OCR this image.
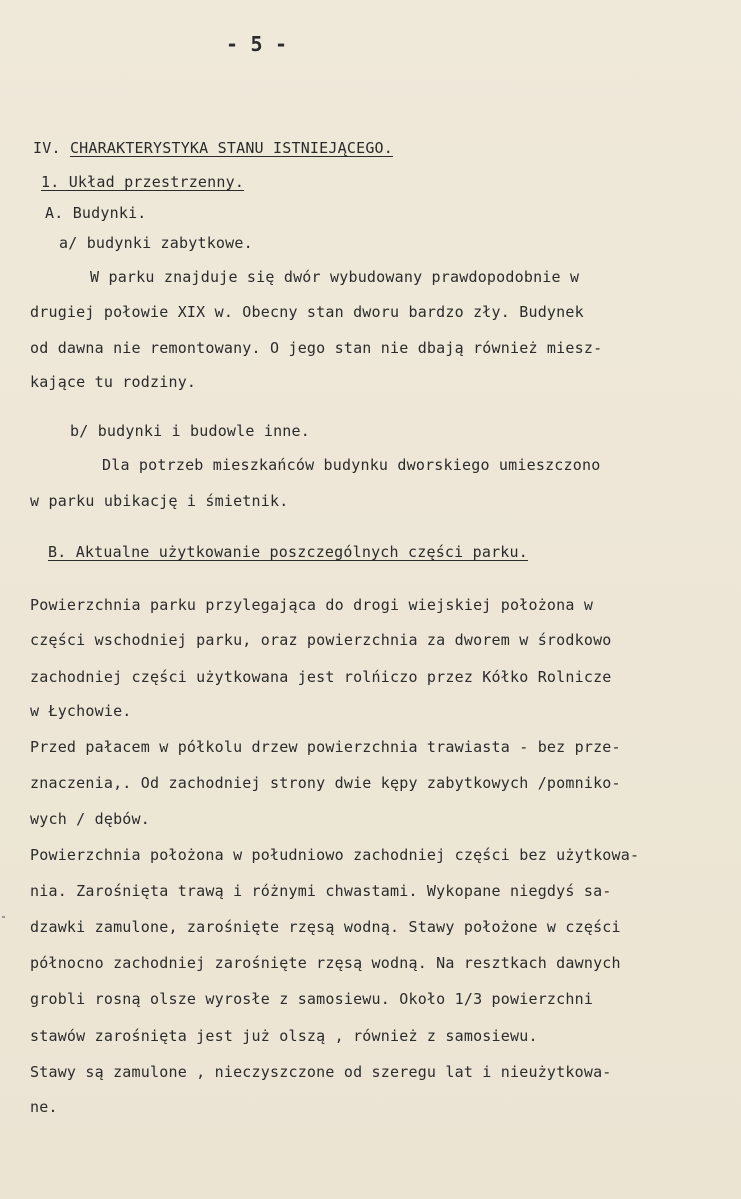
- 5 -
IV. CHARAKTERYSTYKA STANU ISTNIEJĄCEGO.
1. Układ przestrzenny.
A. Budynki.
a/ budynki zabytkowe.
W parku znajduje się dwór wybudowany prawdopodobnie w
drugiej połowie XIX w. Obecny stan dworu bardzo zły. Budynek
od dawna nie remontowany. O jego stan nie dbają również miesz-
kające tu rodziny.
b/ budynki i budowle inne.
Dla potrzeb mieszkańców budynku dworskiego umieszczono
w parku ubikację i śmietnik.
B. Aktualne użytkowanie poszczególnych części parku.
Powierzchnia parku przylegająca do drogi wiejskiej położona w
części wschodniej parku, oraz powierzchnia za dworem w środkowo
zachodniej części użytkowana jest rolńiczo przez Kółko Rolnicze
w Łychowie.
Przed pałacem w półkolu drzew powierzchnia trawiasta - bez prze-
znaczenia,. Od zachodniej strony dwie kępy zabytkowych /pomniko-
wych / dębów.
Powierzchnia położona w południowo zachodniej części bez użytkowa-
nia. Zarośnięta trawą i różnymi chwastami. Wykopane niegdyś sa-
dzawki zamulone, zarośnięte rzęsą wodną. Stawy położone w części
północno zachodniej zarośnięte rzęsą wodną. Na resztkach dawnych
grobli rosną olsze wyrosłe z samosiewu. Około 1/3 powierzchni
stawów zarośnięta jest już olszą , również z samosiewu.
Stawy są zamulone , nieczyszczone od szeregu lat i nieużytkowa-
ne.
